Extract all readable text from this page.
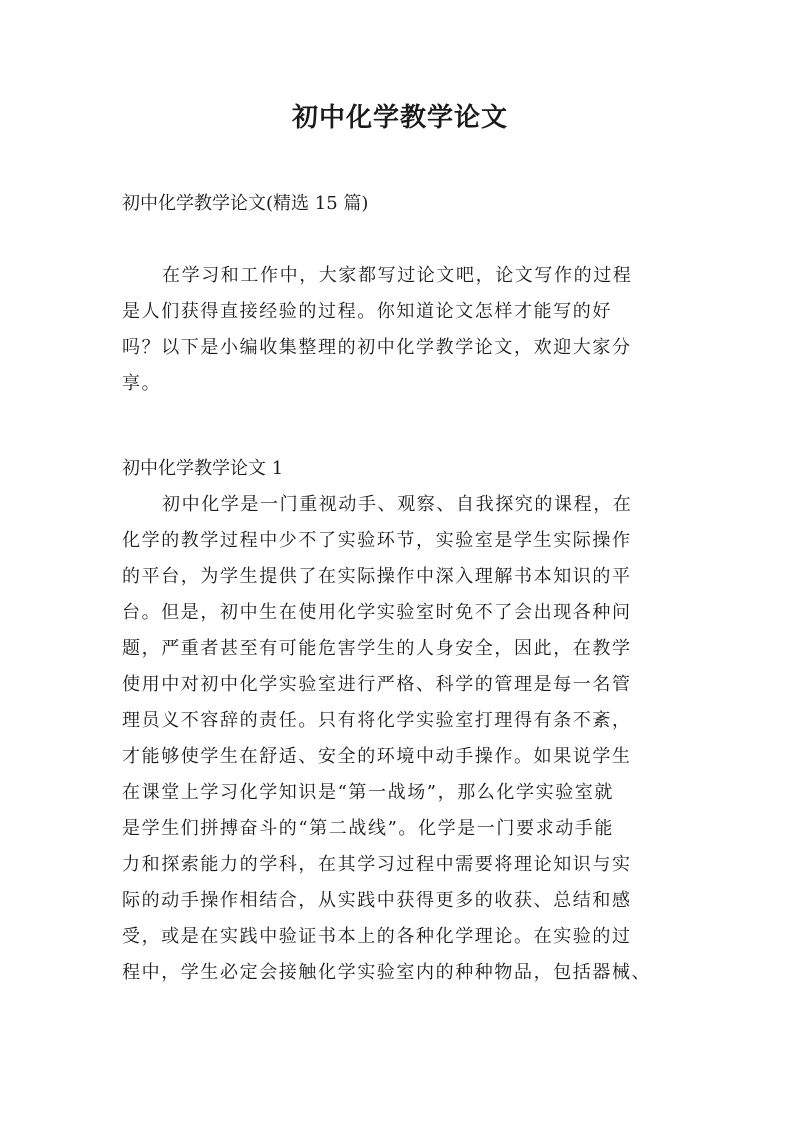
初中化学教学论文

初中化学教学论文(精选 15 篇)

在学习和工作中，大家都写过论文吧，论文写作的过程
是人们获得直接经验的过程。你知道论文怎样才能写的好
吗？以下是小编收集整理的初中化学教学论文，欢迎大家分
享。

初中化学教学论文 1

初中化学是一门重视动手、观察、自我探究的课程，在
化学的教学过程中少不了实验环节，实验室是学生实际操作
的平台，为学生提供了在实际操作中深入理解书本知识的平
台。但是，初中生在使用化学实验室时免不了会出现各种问
题，严重者甚至有可能危害学生的人身安全，因此，在教学
使用中对初中化学实验室进行严格、科学的管理是每一名管
理员义不容辞的责任。只有将化学实验室打理得有条不紊，
才能够使学生在舒适、安全的环境中动手操作。如果说学生
在课堂上学习化学知识是“第一战场”，那么化学实验室就
是学生们拼搏奋斗的“第二战线”。化学是一门要求动手能
力和探索能力的学科，在其学习过程中需要将理论知识与实
际的动手操作相结合，从实践中获得更多的收获、总结和感
受，或是在实践中验证书本上的各种化学理论。在实验的过
程中，学生必定会接触化学实验室内的种种物品，包括器械、
